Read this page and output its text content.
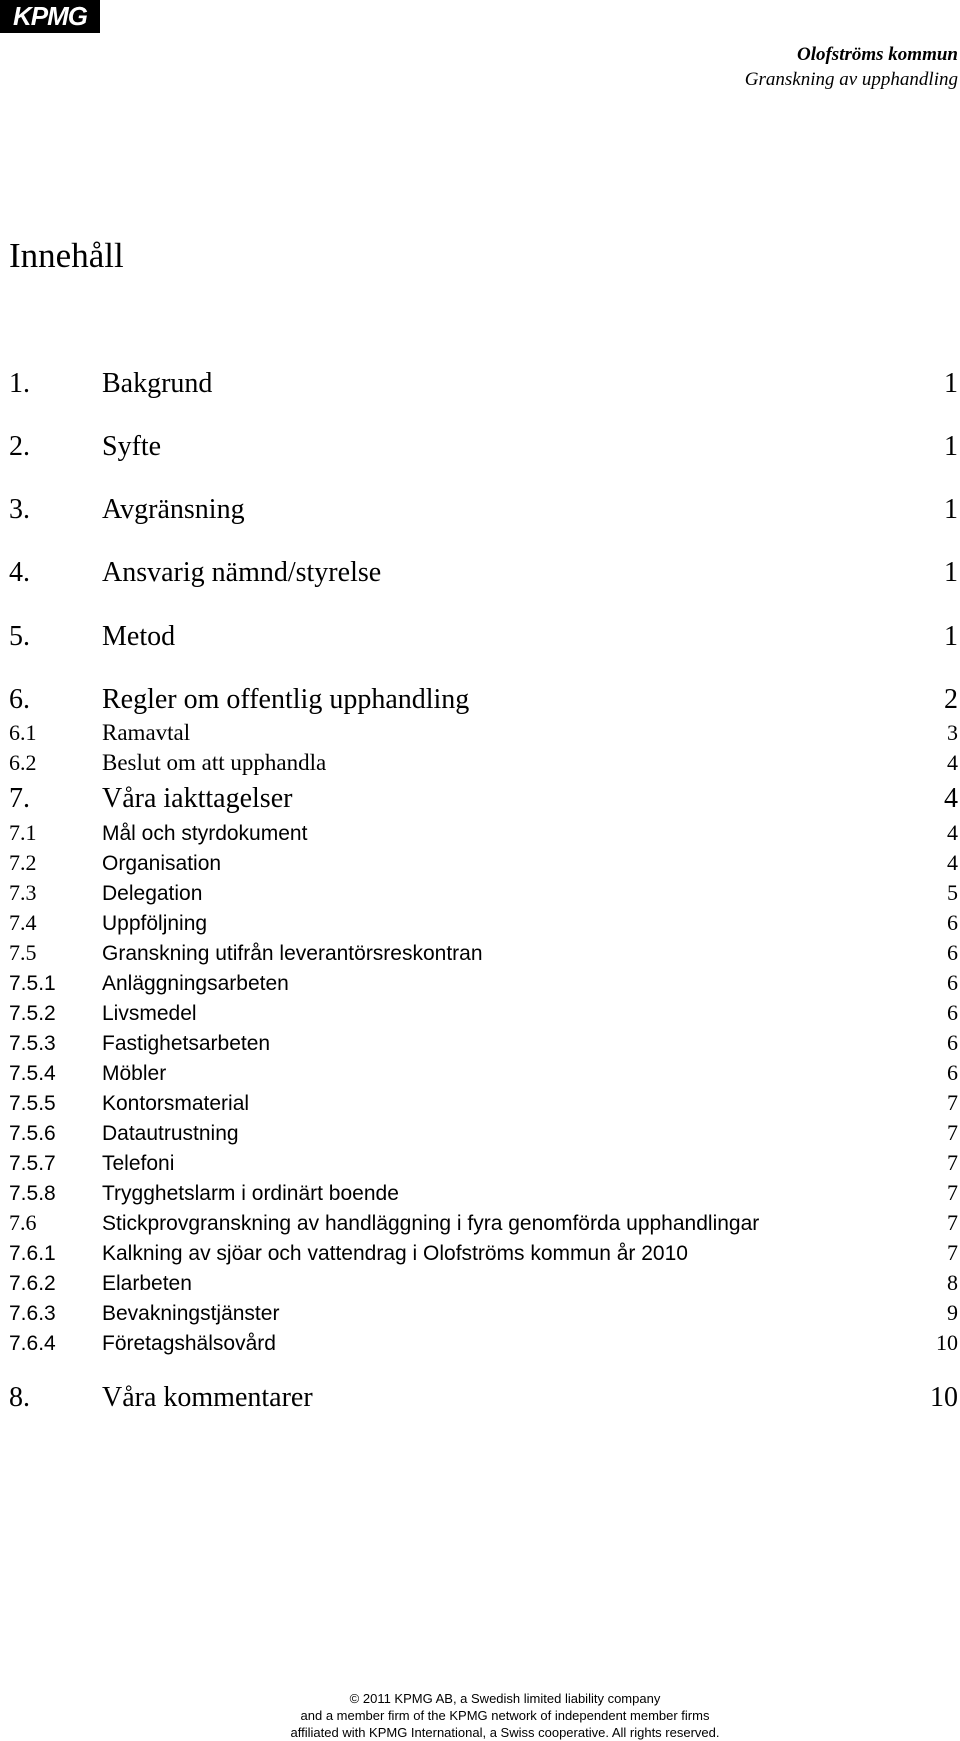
KPMG
Olofströms kommun
Granskning av upphandling
Innehåll
1.	Bakgrund	1
2.	Syfte	1
3.	Avgränsning	1
4.	Ansvarig nämnd/styrelse	1
5.	Metod	1
6.	Regler om offentlig upphandling	2
6.1	Ramavtal	3
6.2	Beslut om att upphandla	4
7.	Våra iakttagelser	4
7.1	Mål och styrdokument	4
7.2	Organisation	4
7.3	Delegation	5
7.4	Uppföljning	6
7.5	Granskning utifrån leverantörsreskontran	6
7.5.1	Anläggningsarbeten	6
7.5.2	Livsmedel	6
7.5.3	Fastighetsarbeten	6
7.5.4	Möbler	6
7.5.5	Kontorsmaterial	7
7.5.6	Datautrustning	7
7.5.7	Telefoni	7
7.5.8	Trygghetslarm i ordinärt boende	7
7.6	Stickprovgranskning av handläggning i fyra genomförda upphandlingar	7
7.6.1	Kalkning av sjöar och vattendrag i Olofströms kommun år 2010	7
7.6.2	Elarbeten	8
7.6.3	Bevakningstjänster	9
7.6.4	Företagshälsovård	10
8.	Våra kommentarer	10
© 2011 KPMG AB, a Swedish limited liability company
and a member firm of the KPMG network of independent member firms
affiliated with KPMG International, a Swiss cooperative. All rights reserved.
